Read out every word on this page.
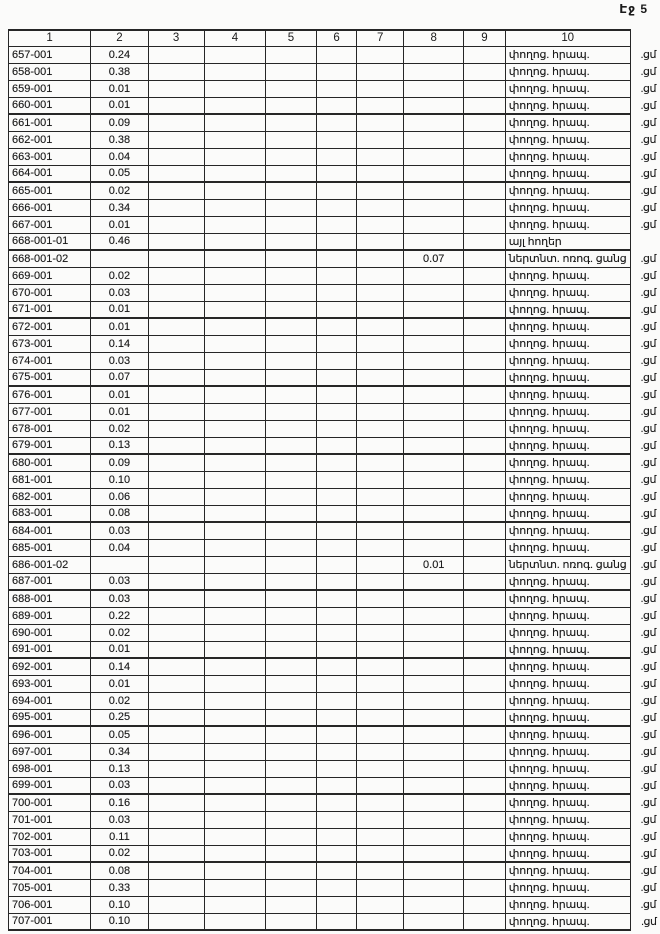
Էջ 5
1	2	3	4	5	6	7	8	9	10	
657-001	0.24								փողոց. հրապ.	.ցմ
658-001	0.38								փողոց. հրապ.	.ցմ
659-001	0.01								փողոց. հրապ.	.ցմ
660-001	0.01								փողոց. հրապ.	.ցմ
661-001	0.09								փողոց. հրապ.	.ցմ
662-001	0.38								փողոց. հրապ.	.ցմ
663-001	0.04								փողոց. հրապ.	.ցմ
664-001	0.05								փողոց. հրապ.	.ցմ
665-001	0.02								փողոց. հրապ.	.ցմ
666-001	0.34								փողոց. հրապ.	.ցմ
667-001	0.01								փողոց. հրապ.	.ցմ
668-001-01	0.46								այլ հողեր	
668-001-02							0.07		ներտնտ. ոռոգ. ցանց	.ցմ
669-001	0.02								փողոց. հրապ.	.ցմ
670-001	0.03								փողոց. հրապ.	.ցմ
671-001	0.01								փողոց. հրապ.	.ցմ
672-001	0.01								փողոց. հրապ.	.ցմ
673-001	0.14								փողոց. հրապ.	.ցմ
674-001	0.03								փողոց. հրապ.	.ցմ
675-001	0.07								փողոց. հրապ.	.ցմ
676-001	0.01								փողոց. հրապ.	.ցմ
677-001	0.01								փողոց. հրապ.	.ցմ
678-001	0.02								փողոց. հրապ.	.ցմ
679-001	0.13								փողոց. հրապ.	.ցմ
680-001	0.09								փողոց. հրապ.	.ցմ
681-001	0.10								փողոց. հրապ.	.ցմ
682-001	0.06								փողոց. հրապ.	.ցմ
683-001	0.08								փողոց. հրապ.	.ցմ
684-001	0.03								փողոց. հրապ.	.ցմ
685-001	0.04								փողոց. հրապ.	.ցմ
686-001-02							0.01		ներտնտ. ոռոգ. ցանց	.ցմ
687-001	0.03								փողոց. հրապ.	.ցմ
688-001	0.03								փողոց. հրապ.	.ցմ
689-001	0.22								փողոց. հրապ.	.ցմ
690-001	0.02								փողոց. հրապ.	.ցմ
691-001	0.01								փողոց. հրապ.	.ցմ
692-001	0.14								փողոց. հրապ.	.ցմ
693-001	0.01								փողոց. հրապ.	.ցմ
694-001	0.02								փողոց. հրապ.	.ցմ
695-001	0.25								փողոց. հրապ.	.ցմ
696-001	0.05								փողոց. հրապ.	.ցմ
697-001	0.34								փողոց. հրապ.	.ցմ
698-001	0.13								փողոց. հրապ.	.ցմ
699-001	0.03								փողոց. հրապ.	.ցմ
700-001	0.16								փողոց. հրապ.	.ցմ
701-001	0.03								փողոց. հրապ.	.ցմ
702-001	0.11								փողոց. հրապ.	.ցմ
703-001	0.02								փողոց. հրապ.	.ցմ
704-001	0.08								փողոց. հրապ.	.ցմ
705-001	0.33								փողոց. հրապ.	.ցմ
706-001	0.10								փողոց. հրապ.	.ցմ
707-001	0.10								փողոց. հրապ.	.ցմ
